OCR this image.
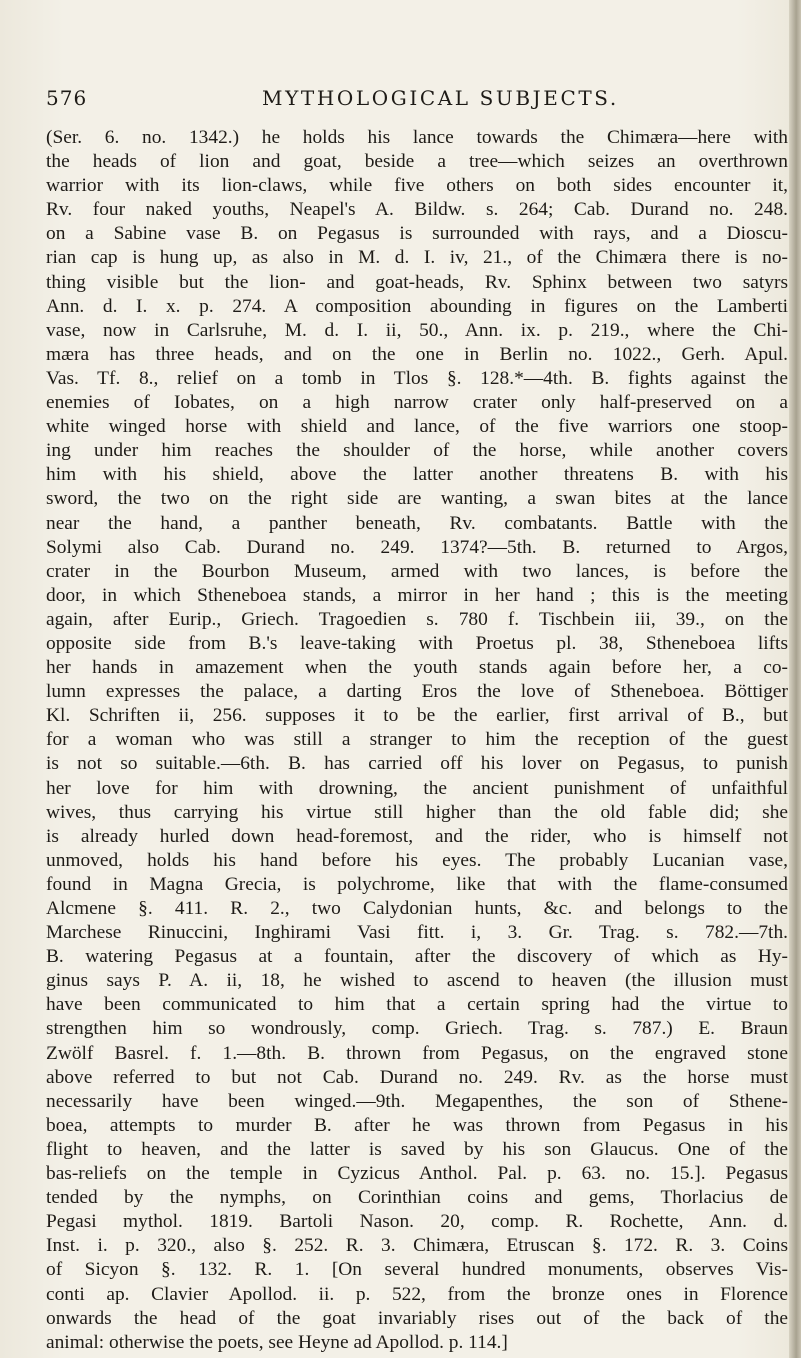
576	MYTHOLOGICAL SUBJECTS.
(Ser. 6. no. 1342.) he holds his lance towards the Chimæra—here with
the heads of lion and goat, beside a tree—which seizes an overthrown
warrior with its lion-claws, while five others on both sides encounter it,
Rv. four naked youths, Neapel's A. Bildw. s. 264; Cab. Durand no. 248.
on a Sabine vase B. on Pegasus is surrounded with rays, and a Dioscu-
rian cap is hung up, as also in M. d. I. iv, 21., of the Chimæra there is no-
thing visible but the lion- and goat-heads, Rv. Sphinx between two satyrs
Ann. d. I. x. p. 274. A composition abounding in figures on the Lamberti
vase, now in Carlsruhe, M. d. I. ii, 50., Ann. ix. p. 219., where the Chi-
mæra has three heads, and on the one in Berlin no. 1022., Gerh. Apul.
Vas. Tf. 8., relief on a tomb in Tlos §. 128.*—4th. B. fights against the
enemies of Iobates, on a high narrow crater only half-preserved on a
white winged horse with shield and lance, of the five warriors one stoop-
ing under him reaches the shoulder of the horse, while another covers
him with his shield, above the latter another threatens B. with his
sword, the two on the right side are wanting, a swan bites at the lance
near the hand, a panther beneath, Rv. combatants. Battle with the
Solymi also Cab. Durand no. 249. 1374?—5th. B. returned to Argos,
crater in the Bourbon Museum, armed with two lances, is before the
door, in which Stheneboea stands, a mirror in her hand ; this is the meeting
again, after Eurip., Griech. Tragoedien s. 780 f. Tischbein iii, 39., on the
opposite side from B.'s leave-taking with Proetus pl. 38, Stheneboea lifts
her hands in amazement when the youth stands again before her, a co-
lumn expresses the palace, a darting Eros the love of Stheneboea. Böttiger
Kl. Schriften ii, 256. supposes it to be the earlier, first arrival of B., but
for a woman who was still a stranger to him the reception of the guest
is not so suitable.—6th. B. has carried off his lover on Pegasus, to punish
her love for him with drowning, the ancient punishment of unfaithful
wives, thus carrying his virtue still higher than the old fable did; she
is already hurled down head-foremost, and the rider, who is himself not
unmoved, holds his hand before his eyes. The probably Lucanian vase,
found in Magna Grecia, is polychrome, like that with the flame-consumed
Alcmene §. 411. R. 2., two Calydonian hunts, &c. and belongs to the
Marchese Rinuccini, Inghirami Vasi fitt. i, 3. Gr. Trag. s. 782.—7th.
B. watering Pegasus at a fountain, after the discovery of which as Hy-
ginus says P. A. ii, 18, he wished to ascend to heaven (the illusion must
have been communicated to him that a certain spring had the virtue to
strengthen him so wondrously, comp. Griech. Trag. s. 787.) E. Braun
Zwölf Basrel. f. 1.—8th. B. thrown from Pegasus, on the engraved stone
above referred to but not Cab. Durand no. 249. Rv. as the horse must
necessarily have been winged.—9th. Megapenthes, the son of Sthene-
boea, attempts to murder B. after he was thrown from Pegasus in his
flight to heaven, and the latter is saved by his son Glaucus. One of the
bas-reliefs on the temple in Cyzicus Anthol. Pal. p. 63. no. 15.]. Pegasus
tended by the nymphs, on Corinthian coins and gems, Thorlacius de
Pegasi mythol. 1819. Bartoli Nason. 20, comp. R. Rochette, Ann. d.
Inst. i. p. 320., also §. 252. R. 3. Chimæra, Etruscan §. 172. R. 3. Coins
of Sicyon §. 132. R. 1. [On several hundred monuments, observes Vis-
conti ap. Clavier Apollod. ii. p. 522, from the bronze ones in Florence
onwards the head of the goat invariably rises out of the back of the
animal: otherwise the poets, see Heyne ad Apollod. p. 114.]
